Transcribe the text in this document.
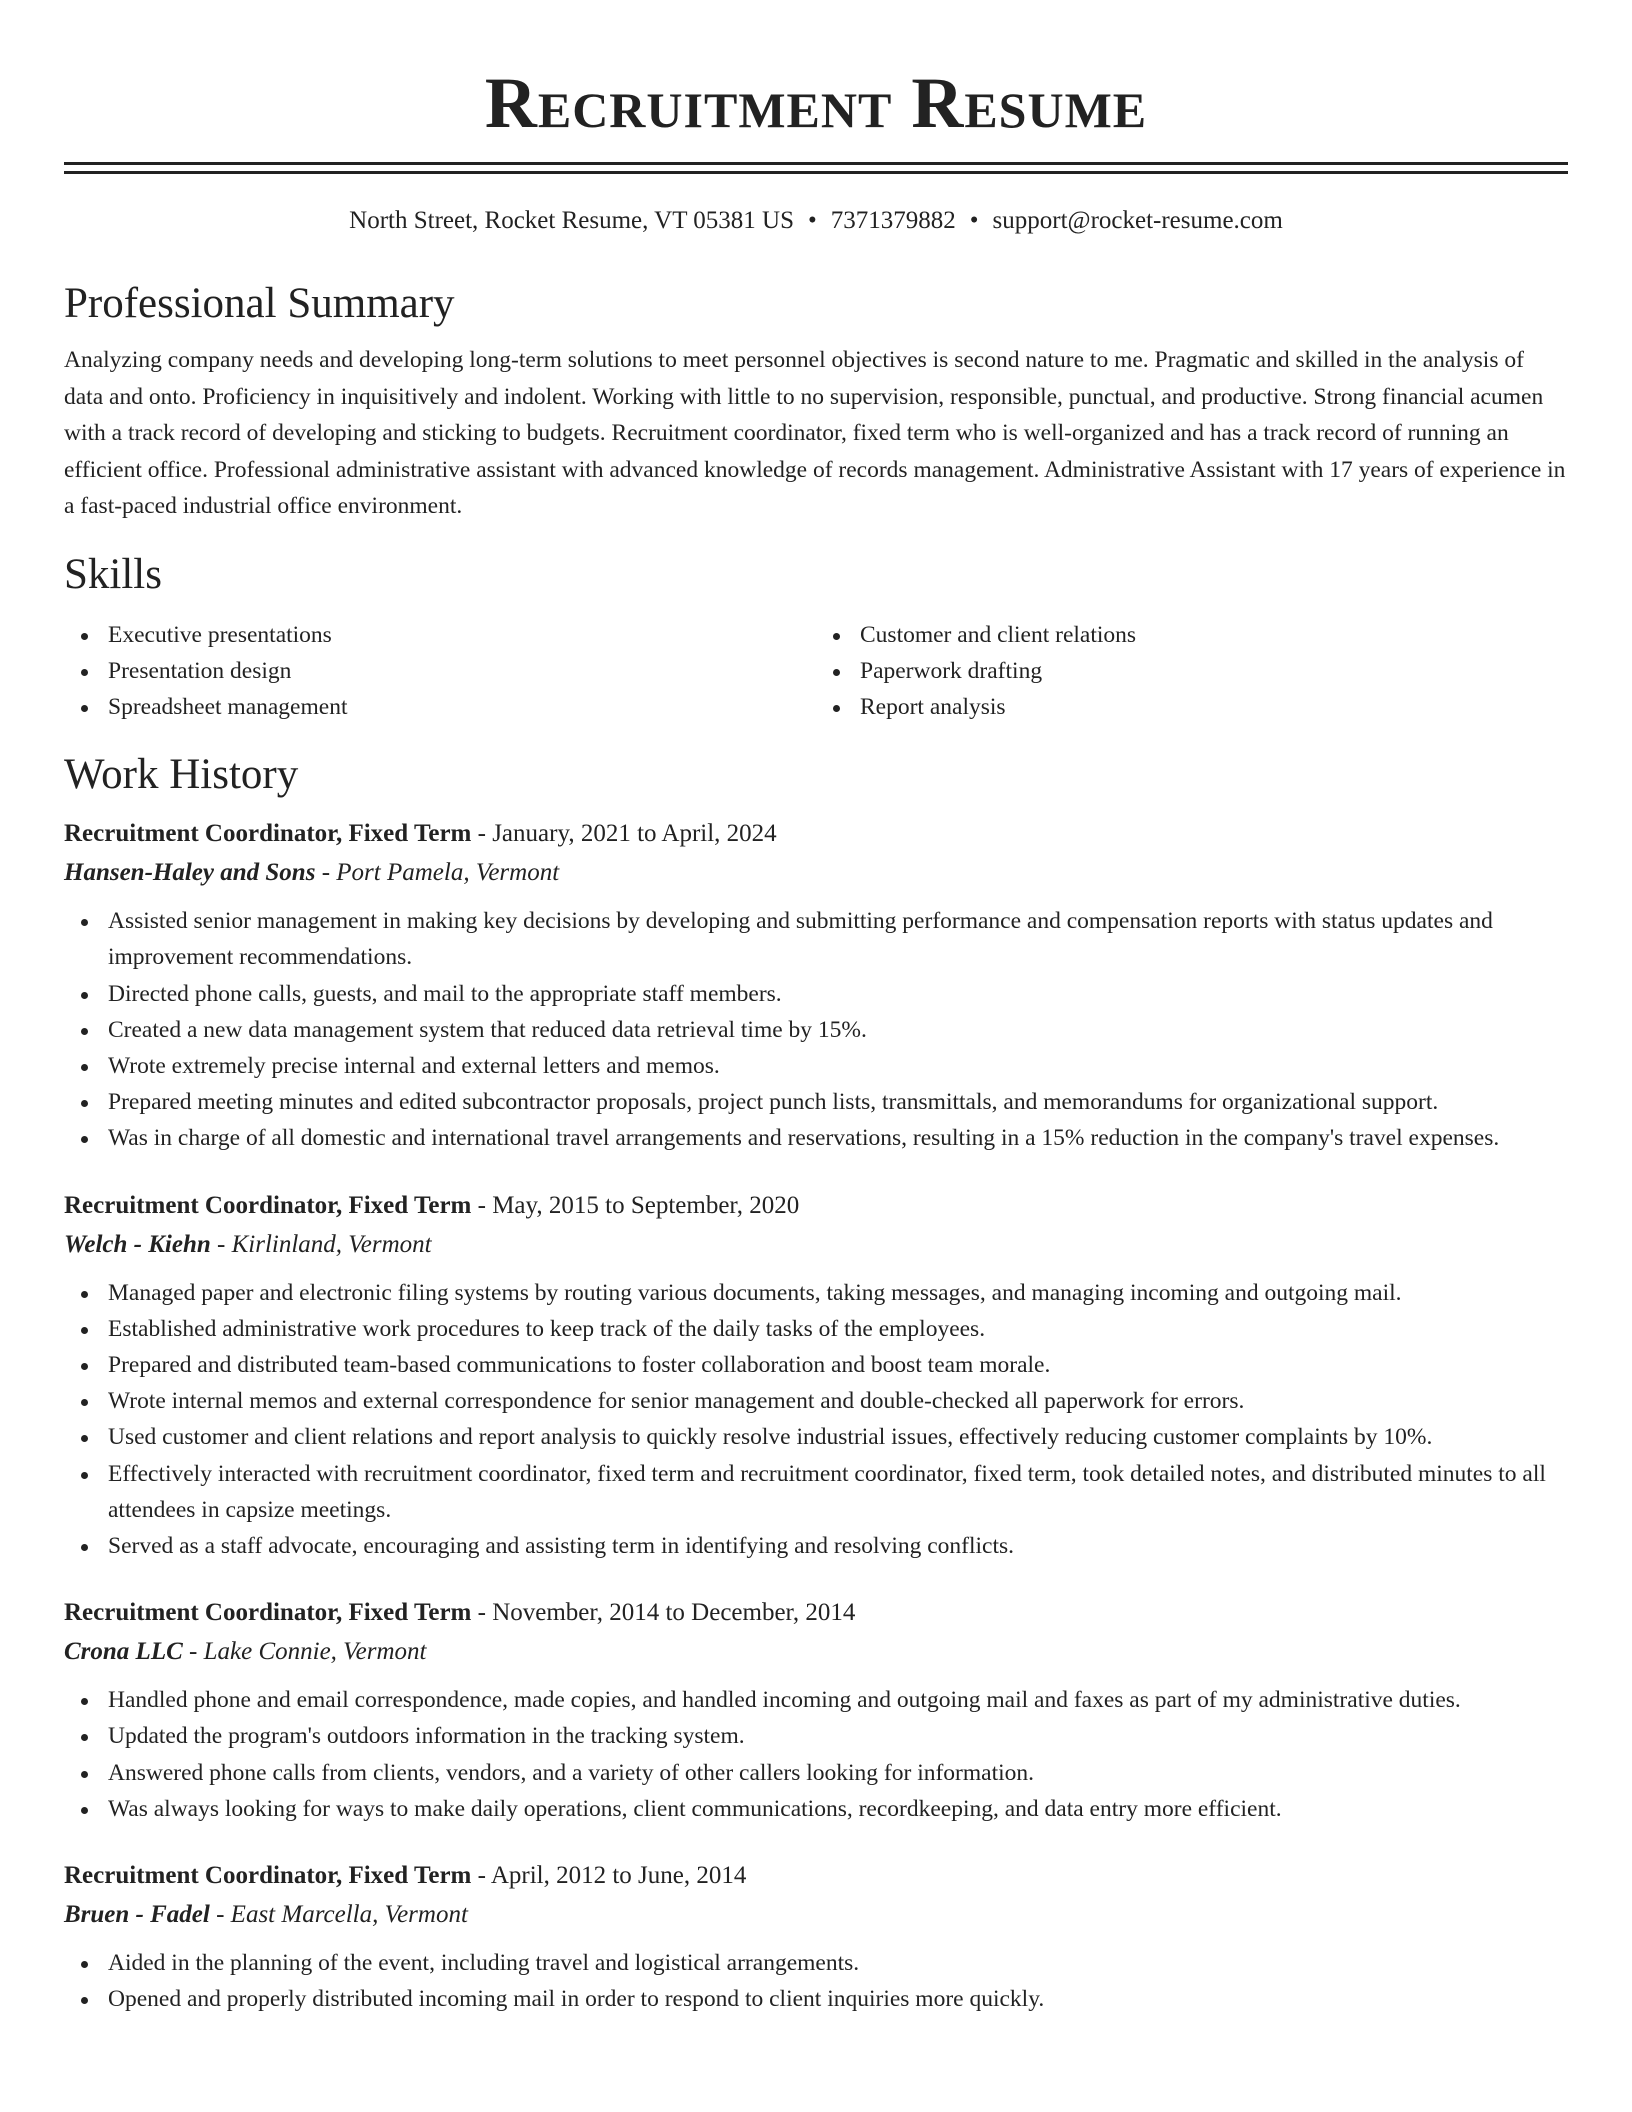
Recruitment Resume
North Street, Rocket Resume, VT 05381 US • 7371379882 • support@rocket-resume.com
Professional Summary
Analyzing company needs and developing long-term solutions to meet personnel objectives is second nature to me. Pragmatic and skilled in the analysis of data and onto. Proficiency in inquisitively and indolent. Working with little to no supervision, responsible, punctual, and productive. Strong financial acumen with a track record of developing and sticking to budgets. Recruitment coordinator, fixed term who is well-organized and has a track record of running an efficient office. Professional administrative assistant with advanced knowledge of records management. Administrative Assistant with 17 years of experience in a fast-paced industrial office environment.
Skills
Executive presentations
Presentation design
Spreadsheet management
Customer and client relations
Paperwork drafting
Report analysis
Work History
Recruitment Coordinator, Fixed Term - January, 2021 to April, 2024
Hansen-Haley and Sons - Port Pamela, Vermont
Assisted senior management in making key decisions by developing and submitting performance and compensation reports with status updates and improvement recommendations.
Directed phone calls, guests, and mail to the appropriate staff members.
Created a new data management system that reduced data retrieval time by 15%.
Wrote extremely precise internal and external letters and memos.
Prepared meeting minutes and edited subcontractor proposals, project punch lists, transmittals, and memorandums for organizational support.
Was in charge of all domestic and international travel arrangements and reservations, resulting in a 15% reduction in the company's travel expenses.
Recruitment Coordinator, Fixed Term - May, 2015 to September, 2020
Welch - Kiehn - Kirlinland, Vermont
Managed paper and electronic filing systems by routing various documents, taking messages, and managing incoming and outgoing mail.
Established administrative work procedures to keep track of the daily tasks of the employees.
Prepared and distributed team-based communications to foster collaboration and boost team morale.
Wrote internal memos and external correspondence for senior management and double-checked all paperwork for errors.
Used customer and client relations and report analysis to quickly resolve industrial issues, effectively reducing customer complaints by 10%.
Effectively interacted with recruitment coordinator, fixed term and recruitment coordinator, fixed term, took detailed notes, and distributed minutes to all attendees in capsize meetings.
Served as a staff advocate, encouraging and assisting term in identifying and resolving conflicts.
Recruitment Coordinator, Fixed Term - November, 2014 to December, 2014
Crona LLC - Lake Connie, Vermont
Handled phone and email correspondence, made copies, and handled incoming and outgoing mail and faxes as part of my administrative duties.
Updated the program's outdoors information in the tracking system.
Answered phone calls from clients, vendors, and a variety of other callers looking for information.
Was always looking for ways to make daily operations, client communications, recordkeeping, and data entry more efficient.
Recruitment Coordinator, Fixed Term - April, 2012 to June, 2014
Bruen - Fadel - East Marcella, Vermont
Aided in the planning of the event, including travel and logistical arrangements.
Opened and properly distributed incoming mail in order to respond to client inquiries more quickly.
